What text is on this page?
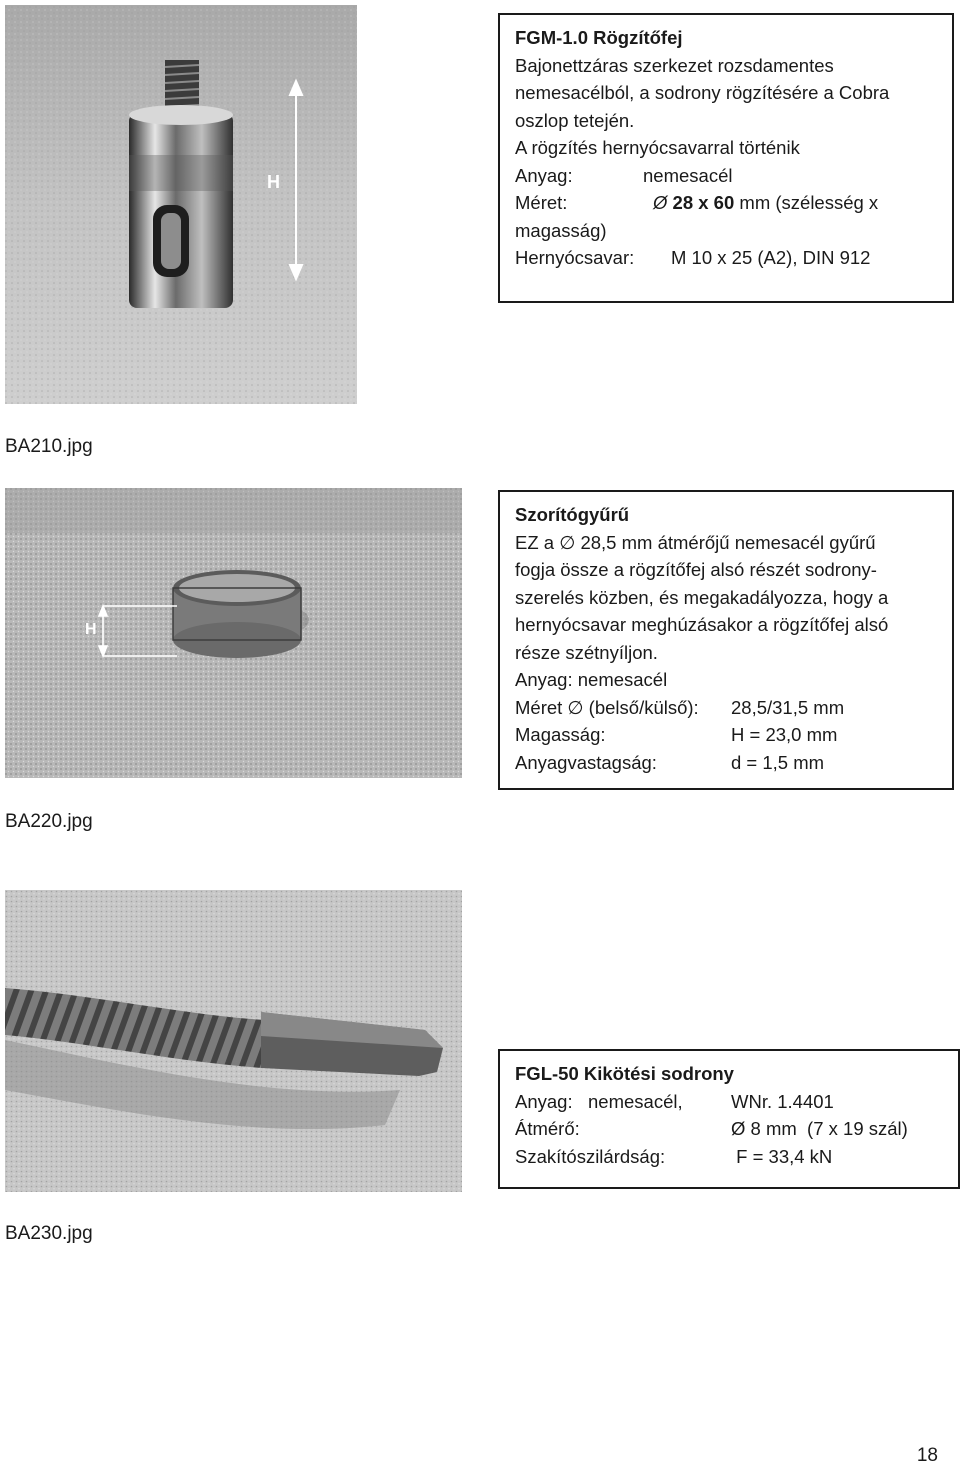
H
BA210.jpg
FGM-1.0 Rögzítőfej
Bajonettzáras szerkezet rozsdamentes
nemesacélból, a sodrony rögzítésére a Cobra
oszlop tetején.
A rögzítés hernyócsavarral történik
Anyag:	nemesacél
Méret:	Ø 28 x 60 mm (szélesség x
magasság)
Hernyócsavar:	M 10 x 25 (A2), DIN 912
H
BA220.jpg
Szorítógyűrű
EZ a ∅ 28,5 mm átmérőjű nemesacél gyűrű
fogja össze a rögzítőfej alsó részét sodrony-
szerelés közben, és megakadályozza, hogy a
hernyócsavar meghúzásakor a rögzítőfej alsó
része szétnyíljon.
Anyag: nemesacél
Méret ∅ (belső/külső):	28,5/31,5 mm
Magasság:	H = 23,0 mm
Anyagvastagság:	d = 1,5 mm
BA230.jpg
FGL-50 Kikötési sodrony
Anyag:   nemesacél,	WNr. 1.4401
Átmérő:	Ø 8 mm  (7 x 19 szál)
Szakítószilárdság:	F = 33,4 kN
18
